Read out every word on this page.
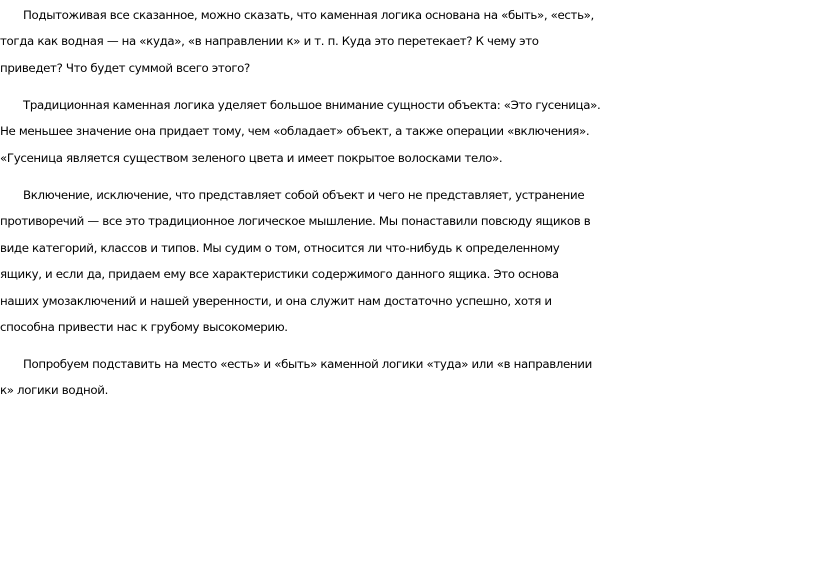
Подытоживая все сказанное, можно сказать, что каменная логика основана на «быть», «есть»,
тогда как водная — на «куда», «в направлении к» и т. п. Куда это перетекает? К чему это
приведет? Что будет суммой всего этого?

Традиционная каменная логика уделяет большое внимание сущности объекта: «Это гусеница».
Не меньшее значение она придает тому, чем «обладает» объект, а также операции «включения».
«Гусеница является существом зеленого цвета и имеет покрытое волосками тело».

Включение, исключение, что представляет собой объект и чего не представляет, устранение
противоречий — все это традиционное логическое мышление. Мы понаставили повсюду ящиков в
виде категорий, классов и типов. Мы судим о том, относится ли что-нибудь к определенному
ящику, и если да, придаем ему все характеристики содержимого данного ящика. Это основа
наших умозаключений и нашей уверенности, и она служит нам достаточно успешно, хотя и
способна привести нас к грубому высокомерию.

Попробуем подставить на место «есть» и «быть» каменной логики «туда» или «в направлении
к» логики водной.
